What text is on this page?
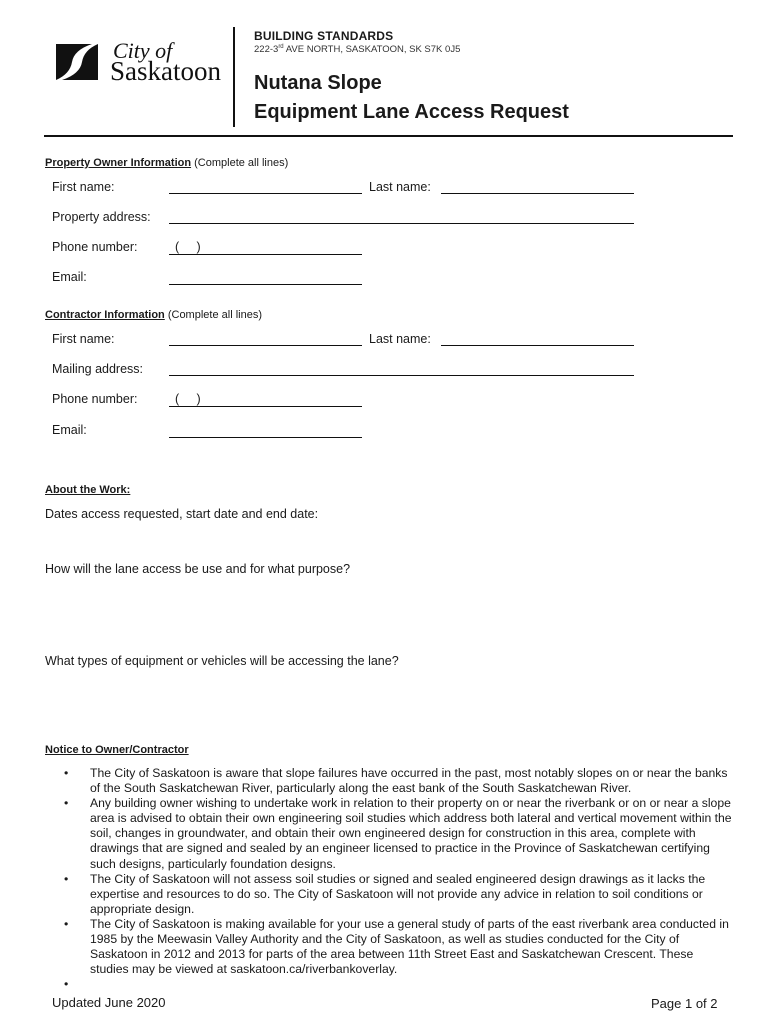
City of
Saskatoon
BUILDING STANDARDS
222-3rd AVE NORTH, SASKATOON, SK S7K 0J5
Nutana Slope
Equipment Lane Access Request
Property Owner Information (Complete all lines)
First name:	Last name:
Property address:
Phone number:	(     )
Email:
Contractor Information (Complete all lines)
First name:	Last name:
Mailing address:
Phone number:	(     )
Email:
About the Work:
Dates access requested, start date and end date:
How will the lane access be use and for what purpose?
What types of equipment or vehicles will be accessing the lane?
Notice to Owner/Contractor
• The City of Saskatoon is aware that slope failures have occurred in the past, most notably slopes on or near the banks of the South Saskatchewan River, particularly along the east bank of the South Saskatchewan River.
• Any building owner wishing to undertake work in relation to their property on or near the riverbank or on or near a slope area is advised to obtain their own engineering soil studies which address both lateral and vertical movement within the soil, changes in groundwater, and obtain their own engineered design for construction in this area, complete with drawings that are signed and sealed by an engineer licensed to practice in the Province of Saskatchewan certifying such designs, particularly foundation designs.
• The City of Saskatoon will not assess soil studies or signed and sealed engineered design drawings as it lacks the expertise and resources to do so. The City of Saskatoon will not provide any advice in relation to soil conditions or appropriate design.
• The City of Saskatoon is making available for your use a general study of parts of the east riverbank area conducted in 1985 by the Meewasin Valley Authority and the City of Saskatoon, as well as studies conducted for the City of Saskatoon in 2012 and 2013 for parts of the area between 11th Street East and Saskatchewan Crescent. These studies may be viewed at saskatoon.ca/riverbankoverlay.
•
Updated June 2020	Page 1 of 2
